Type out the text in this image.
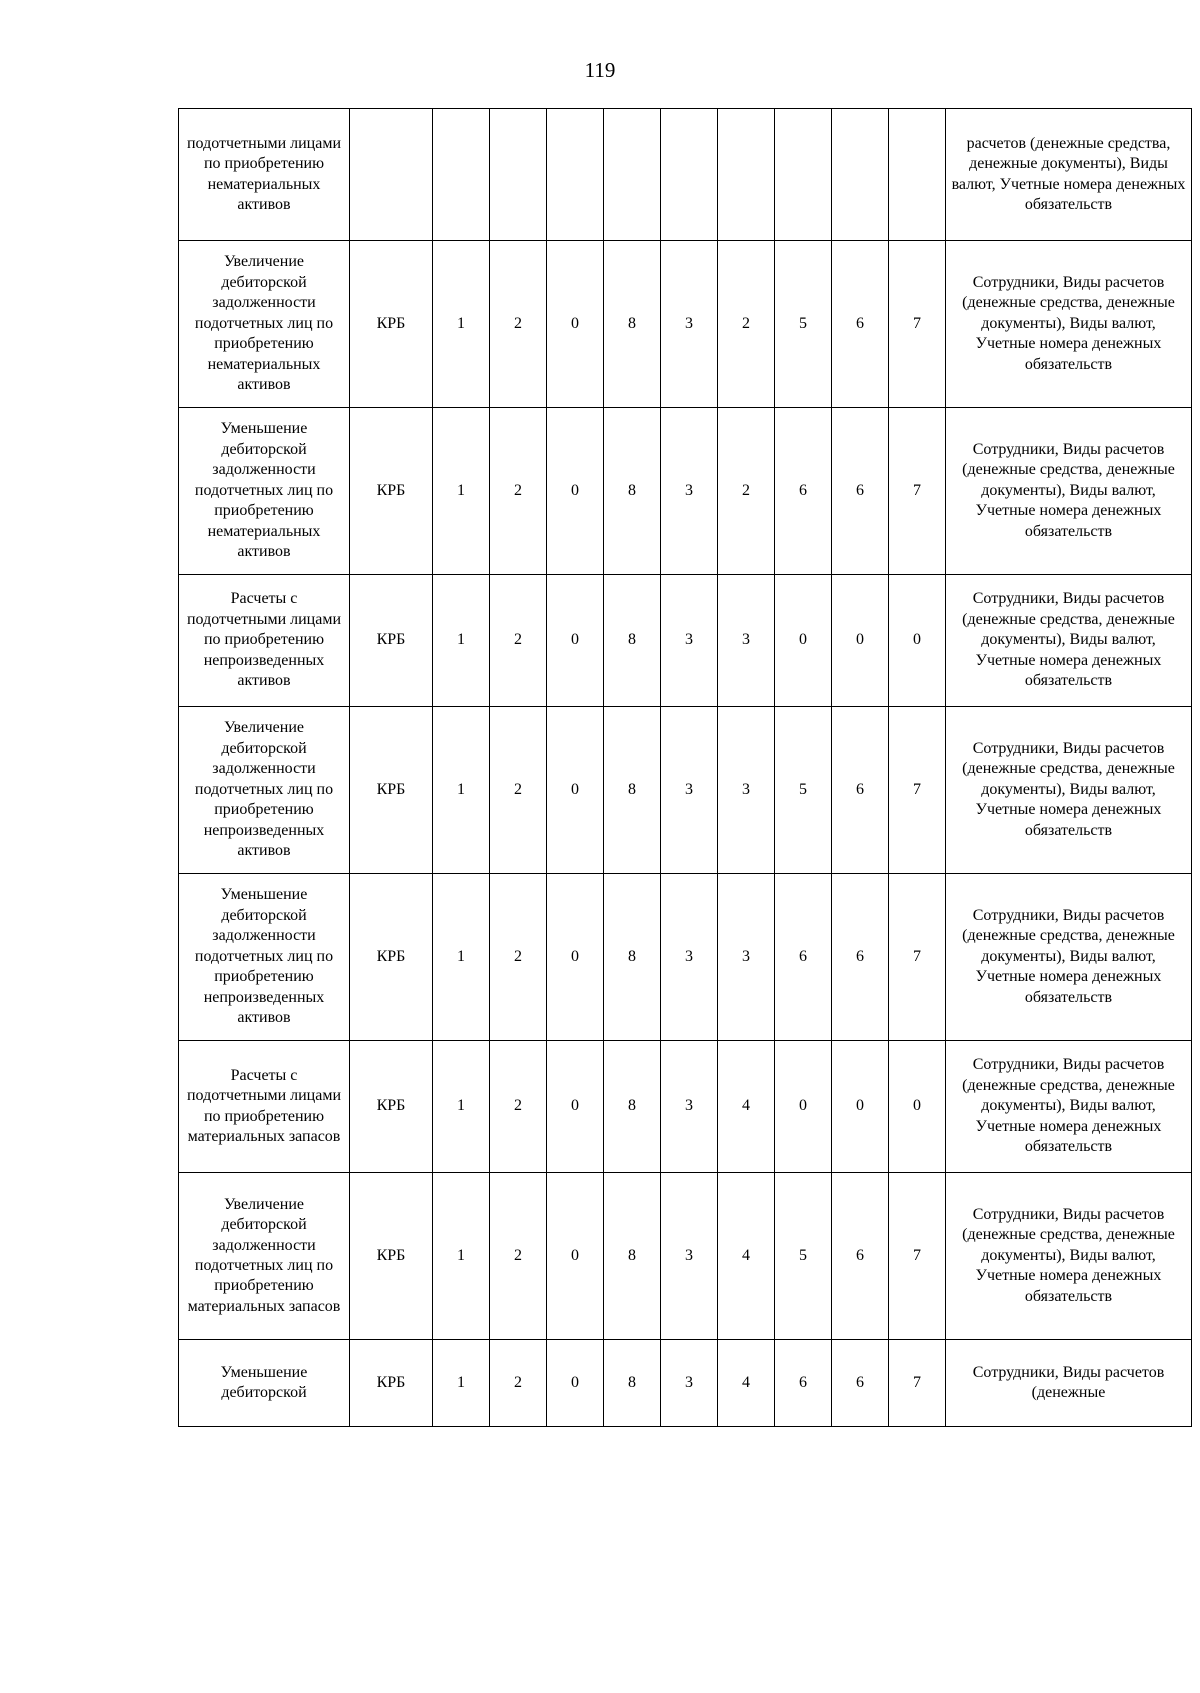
119
подотчетными лицами по приобретению нематериальных активов											расчетов (денежные средства, денежные документы), Виды валют, Учетные номера денежных обязательств
Увеличение дебиторской задолженности подотчетных лиц по приобретению нематериальных активов	КРБ	1	2	0	8	3	2	5	6	7	Сотрудники, Виды расчетов (денежные средства, денежные документы), Виды валют, Учетные номера денежных обязательств
Уменьшение дебиторской задолженности подотчетных лиц по приобретению нематериальных активов	КРБ	1	2	0	8	3	2	6	6	7	Сотрудники, Виды расчетов (денежные средства, денежные документы), Виды валют, Учетные номера денежных обязательств
Расчеты с подотчетными лицами по приобретению непроизведенных активов	КРБ	1	2	0	8	3	3	0	0	0	Сотрудники, Виды расчетов (денежные средства, денежные документы), Виды валют, Учетные номера денежных обязательств
Увеличение дебиторской задолженности подотчетных лиц по приобретению непроизведенных активов	КРБ	1	2	0	8	3	3	5	6	7	Сотрудники, Виды расчетов (денежные средства, денежные документы), Виды валют, Учетные номера денежных обязательств
Уменьшение дебиторской задолженности подотчетных лиц по приобретению непроизведенных активов	КРБ	1	2	0	8	3	3	6	6	7	Сотрудники, Виды расчетов (денежные средства, денежные документы), Виды валют, Учетные номера денежных обязательств
Расчеты с подотчетными лицами по приобретению материальных запасов	КРБ	1	2	0	8	3	4	0	0	0	Сотрудники, Виды расчетов (денежные средства, денежные документы), Виды валют, Учетные номера денежных обязательств
Увеличение дебиторской задолженности подотчетных лиц по приобретению материальных запасов	КРБ	1	2	0	8	3	4	5	6	7	Сотрудники, Виды расчетов (денежные средства, денежные документы), Виды валют, Учетные номера денежных обязательств
Уменьшение дебиторской	КРБ	1	2	0	8	3	4	6	6	7	Сотрудники, Виды расчетов (денежные
